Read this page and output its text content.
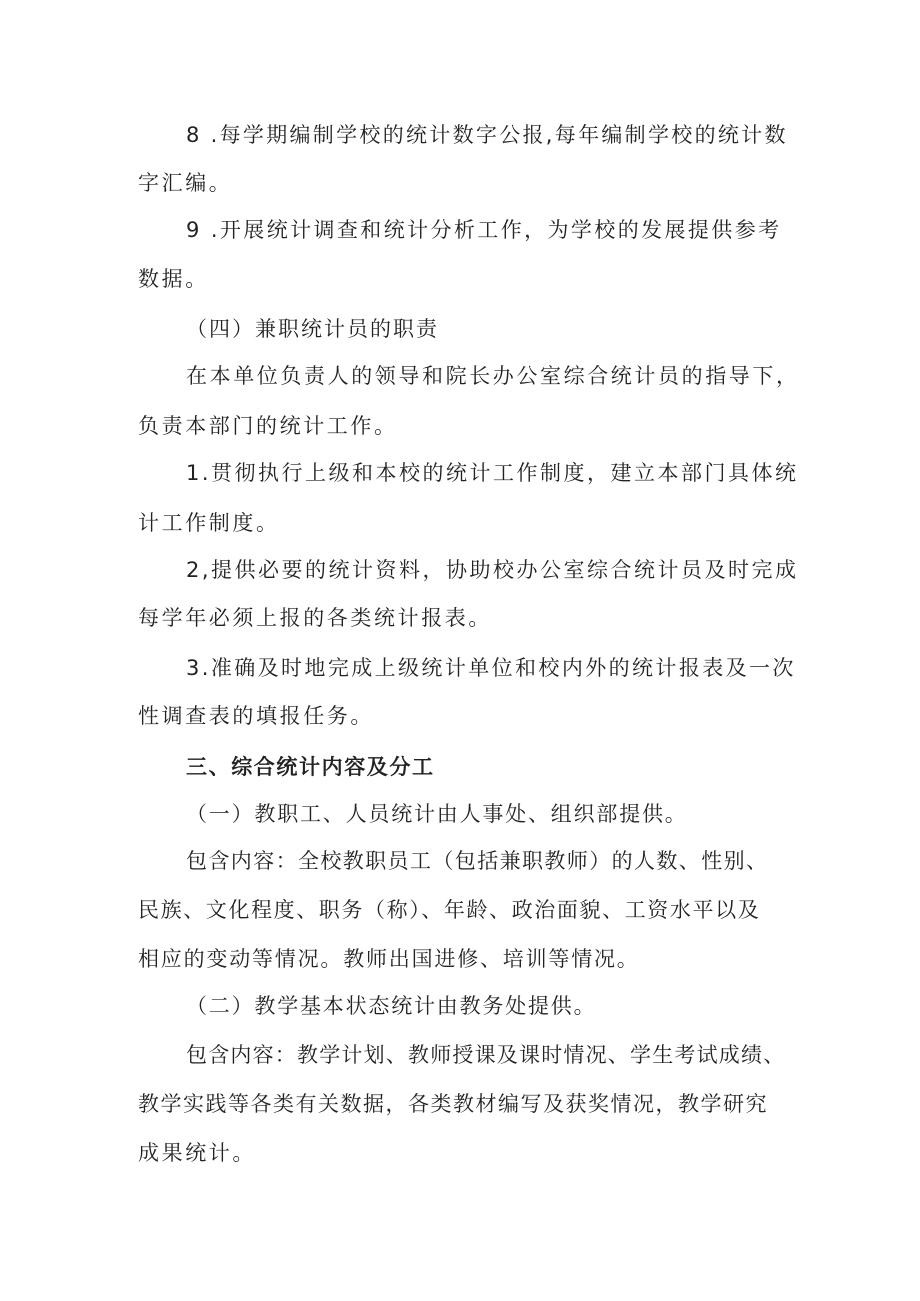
8 .每学期编制学校的统计数字公报,每年编制学校的统计数
字汇编。
9 .开展统计调查和统计分析工作，为学校的发展提供参考
数据。
（四）兼职统计员的职责
在本单位负责人的领导和院长办公室综合统计员的指导下，
负责本部门的统计工作。
1.贯彻执行上级和本校的统计工作制度，建立本部门具体统
计工作制度。
2,提供必要的统计资料，协助校办公室综合统计员及时完成
每学年必须上报的各类统计报表。
3.准确及时地完成上级统计单位和校内外的统计报表及一次
性调查表的填报任务。
三、综合统计内容及分工
（一）教职工、人员统计由人事处、组织部提供。
包含内容：全校教职员工（包括兼职教师）的人数、性别、
民族、文化程度、职务（称）、年龄、政治面貌、工资水平以及
相应的变动等情况。教师出国进修、培训等情况。
（二）教学基本状态统计由教务处提供。
包含内容：教学计划、教师授课及课时情况、学生考试成绩、
教学实践等各类有关数据，各类教材编写及获奖情况，教学研究
成果统计。
